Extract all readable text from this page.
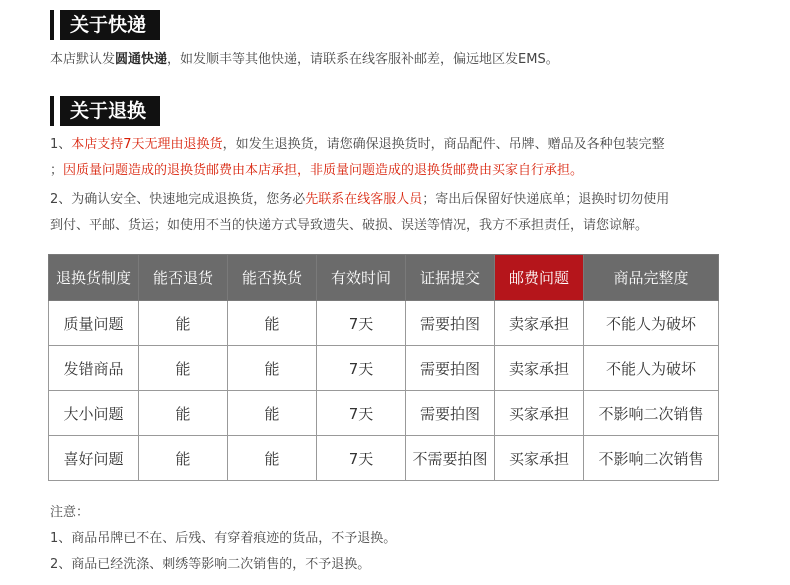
关于快递
本店默认发圆通快递，如发顺丰等其他快递，请联系在线客服补邮差，偏远地区发EMS。
关于退换
1、本店支持7天无理由退换货，如发生退换货，请您确保退换货时，商品配件、吊牌、赠品及各种包装完整
；因质量问题造成的退换货邮费由本店承担，非质量问题造成的退换货邮费由买家自行承担。
2、为确认安全、快速地完成退换货，您务必先联系在线客服人员；寄出后保留好快递底单；退换时切勿使用
到付、平邮、货运；如使用不当的快递方式导致遗失、破损、误送等情况，我方不承担责任，请您谅解。
退换货制度	能否退货	能否换货	有效时间	证据提交	邮费问题	商品完整度
质量问题	能	能	7天	需要拍图	卖家承担	不能人为破坏
发错商品	能	能	7天	需要拍图	卖家承担	不能人为破坏
大小问题	能	能	7天	需要拍图	买家承担	不影响二次销售
喜好问题	能	能	7天	不需要拍图	买家承担	不影响二次销售
注意：
1、商品吊牌已不在、后残、有穿着痕迹的货品，不予退换。
2、商品已经洗涤、刺绣等影响二次销售的，不予退换。
